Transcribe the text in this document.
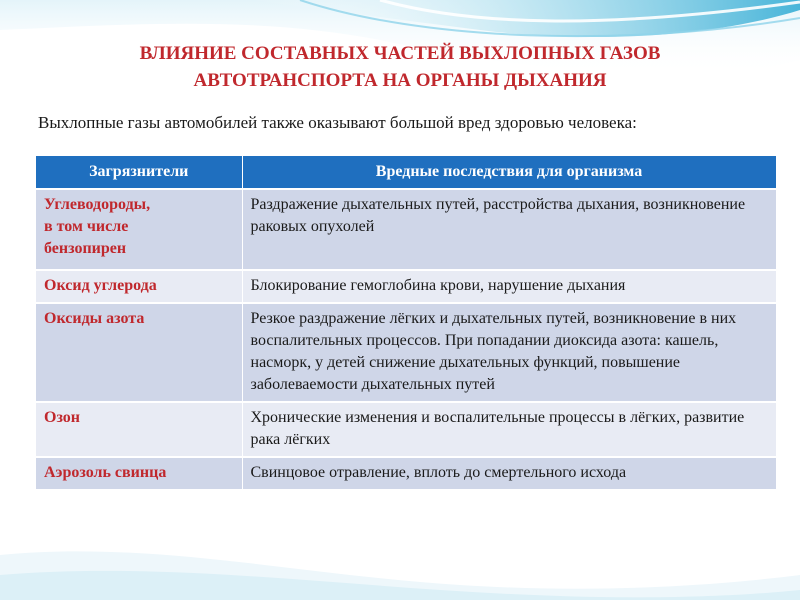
ВЛИЯНИЕ СОСТАВНЫХ ЧАСТЕЙ ВЫХЛОПНЫХ ГАЗОВ
АВТОТРАНСПОРТА НА ОРГАНЫ ДЫХАНИЯ
Выхлопные газы автомобилей также оказывают большой вред здоровью человека:
Загрязнители	Вредные последствия для организма

Углеводороды,
в том числе
бензопирен	Раздражение дыхательных путей, расстройства дыхания, возникновение раковых опухолей

Оксид углерода	Блокирование гемоглобина крови, нарушение дыхания

Оксиды азота	Резкое раздражение лёгких и дыхательных путей, возникновение в них воспалительных процессов. При попадании диоксида азота: кашель, насморк, у детей снижение дыхательных функций, повышение заболеваемости дыхательных путей

Озон	Хронические изменения и воспалительные процессы в лёгких, развитие рака лёгких

Аэрозоль свинца	Свинцовое отравление, вплоть до смертельного исхода
